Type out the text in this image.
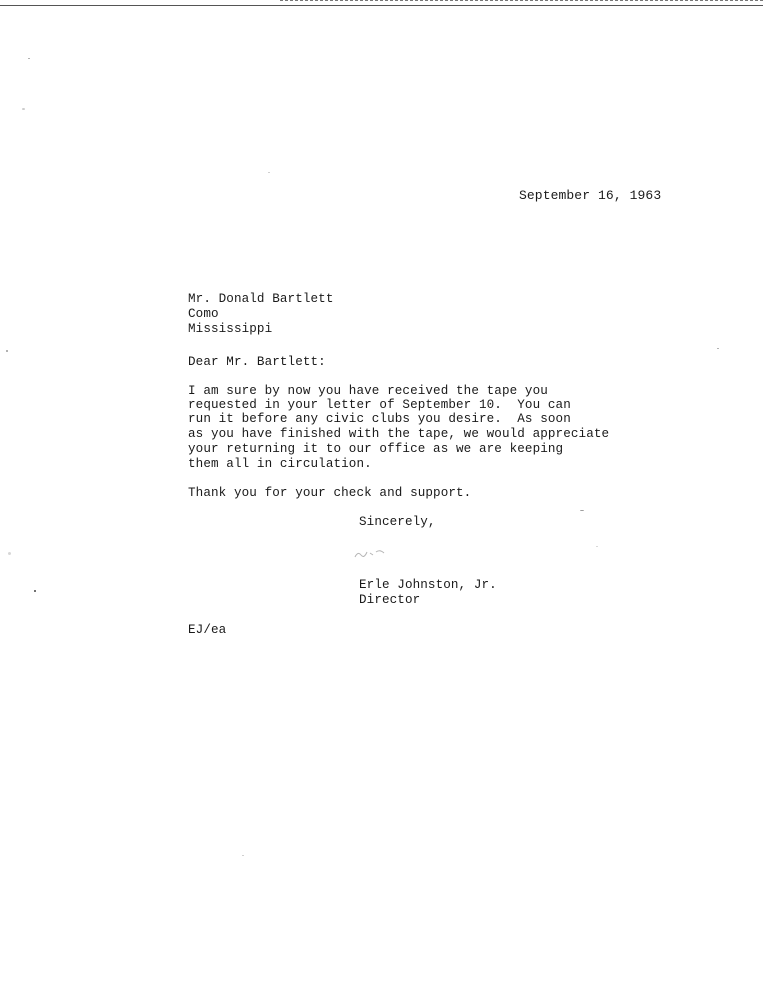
September 16, 1963
Mr. Donald Bartlett
Como
Mississippi
Dear Mr. Bartlett:
I am sure by now you have received the tape you
requested in your letter of September 10.  You can
run it before any civic clubs you desire.  As soon
as you have finished with the tape, we would appreciate
your returning it to our office as we are keeping
them all in circulation.
Thank you for your check and support.
Sincerely,
Erle Johnston, Jr.
Director
EJ/ea
